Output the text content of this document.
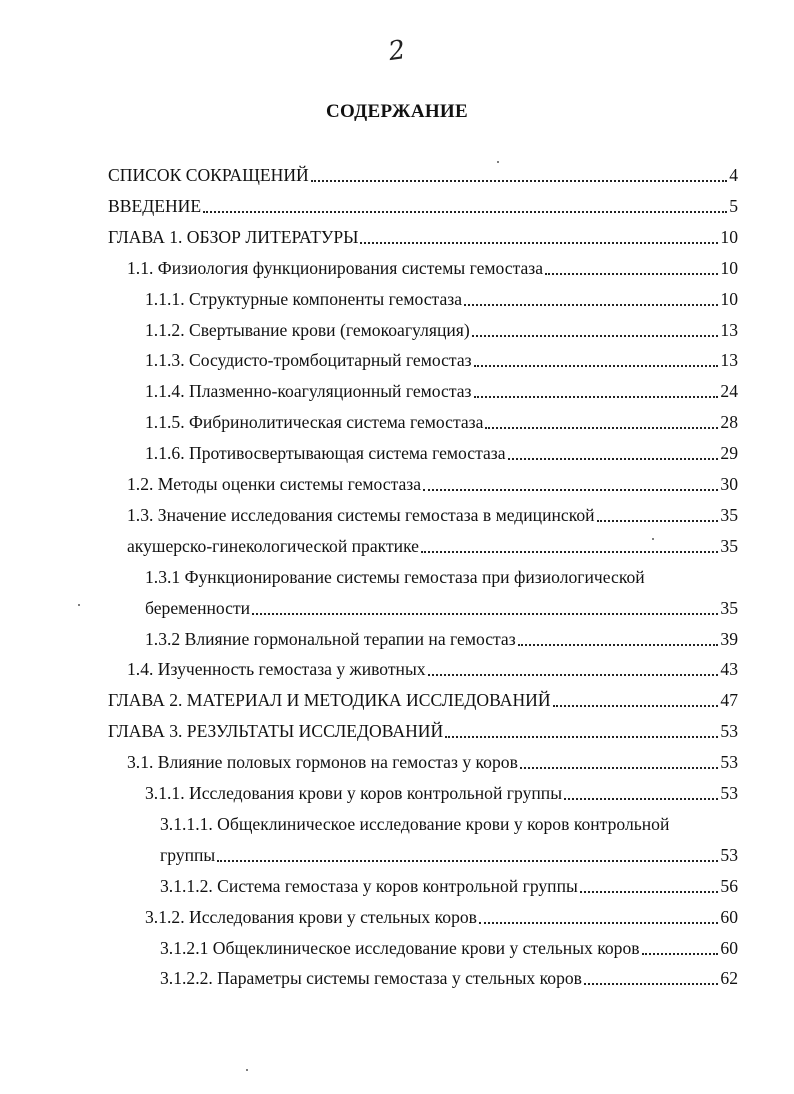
2
СОДЕРЖАНИЕ
СПИСОК СОКРАЩЕНИЙ	4
ВВЕДЕНИЕ	5
ГЛАВА 1. ОБЗОР ЛИТЕРАТУРЫ	10
1.1. Физиология функционирования системы гемостаза	10
1.1.1. Структурные компоненты гемостаза	10
1.1.2. Свертывание крови (гемокоагуляция)	13
1.1.3. Сосудисто-тромбоцитарный гемостаз	13
1.1.4. Плазменно-коагуляционный гемостаз	24
1.1.5. Фибринолитическая система гемостаза	28
1.1.6. Противосвертывающая система гемостаза	29
1.2. Методы оценки системы гемостаза	30
1.3. Значение исследования системы гемостаза в медицинской	35
акушерско-гинекологической практике	35
1.3.1 Функционирование системы гемостаза при физиологической
беременности	35
1.3.2 Влияние гормональной терапии на гемостаз	39
1.4. Изученность гемостаза у животных	43
ГЛАВА 2. МАТЕРИАЛ И МЕТОДИКА ИССЛЕДОВАНИЙ	47
ГЛАВА 3. РЕЗУЛЬТАТЫ ИССЛЕДОВАНИЙ	53
3.1. Влияние половых гормонов на гемостаз у коров	53
3.1.1. Исследования крови у коров контрольной группы	53
3.1.1.1. Общеклиническое исследование крови у коров контрольной
группы	53
3.1.1.2. Система гемостаза у коров контрольной группы	56
3.1.2. Исследования крови у стельных коров	60
3.1.2.1 Общеклиническое исследование крови у стельных коров	60
3.1.2.2. Параметры системы гемостаза у стельных коров	62
